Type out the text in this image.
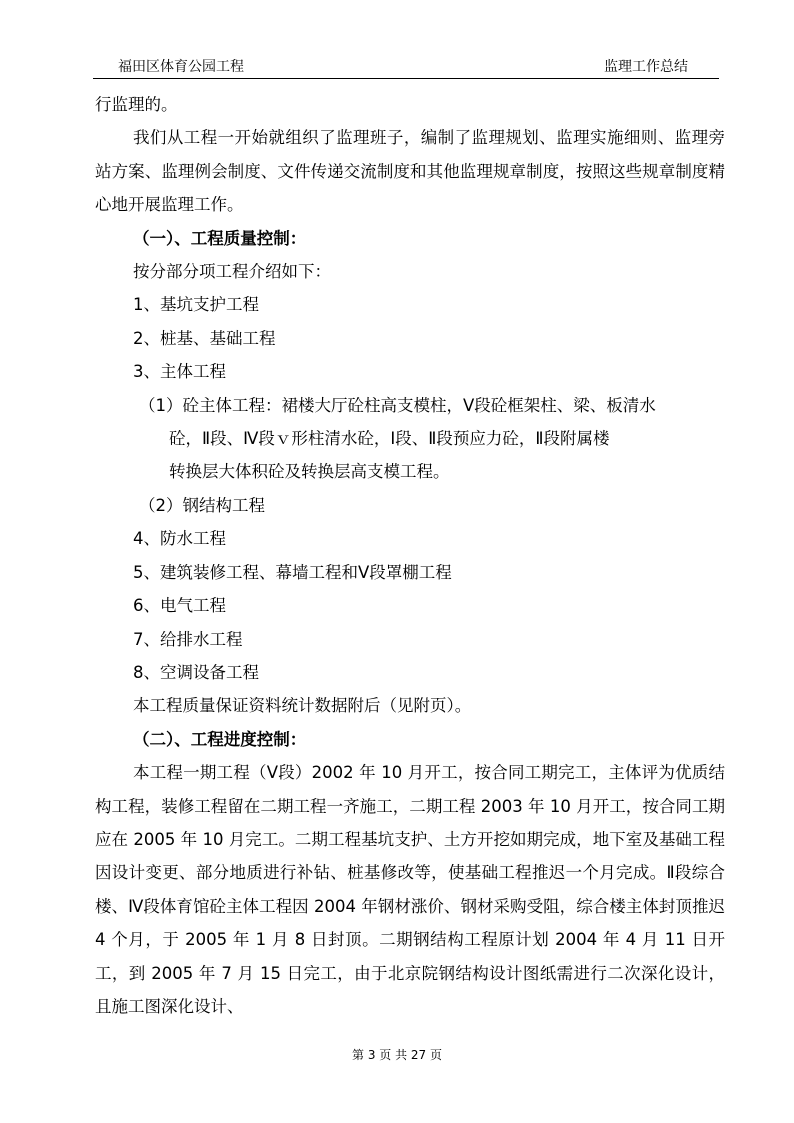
福田区体育公园工程	监理工作总结

行监理的。

我们从工程一开始就组织了监理班子，编制了监理规划、监理实施细则、监理旁站方案、监理例会制度、文件传递交流制度和其他监理规章制度，按照这些规章制度精心地开展监理工作。

（一）、工程质量控制：

按分部分项工程介绍如下：

1、基坑支护工程

2、桩基、基础工程

3、主体工程

（1）砼主体工程：裙楼大厅砼柱高支模柱，Ⅴ段砼框架柱、梁、板清水

砼，Ⅱ段、Ⅳ段ｖ形柱清水砼，Ⅰ段、Ⅱ段预应力砼，Ⅱ段附属楼

转换层大体积砼及转换层高支模工程。

（2）钢结构工程

4、防水工程

5、建筑装修工程、幕墙工程和Ⅴ段罩棚工程

6、电气工程

7、给排水工程

8、空调设备工程

本工程质量保证资料统计数据附后（见附页）。

（二）、工程进度控制：

本工程一期工程（Ⅴ段）2002 年 10 月开工，按合同工期完工，主体评为优质结构工程，装修工程留在二期工程一齐施工，二期工程 2003 年 10 月开工，按合同工期应在 2005 年 10 月完工。二期工程基坑支护、土方开挖如期完成，地下室及基础工程因设计变更、部分地质进行补钻、桩基修改等，使基础工程推迟一个月完成。Ⅱ段综合楼、Ⅳ段体育馆砼主体工程因 2004 年钢材涨价、钢材采购受阻，综合楼主体封顶推迟 4 个月，于 2005 年 1 月 8 日封顶。二期钢结构工程原计划 2004 年 4 月 11 日开工，到 2005 年 7 月 15 日完工，由于北京院钢结构设计图纸需进行二次深化设计，且施工图深化设计、

第 3 页 共 27 页
